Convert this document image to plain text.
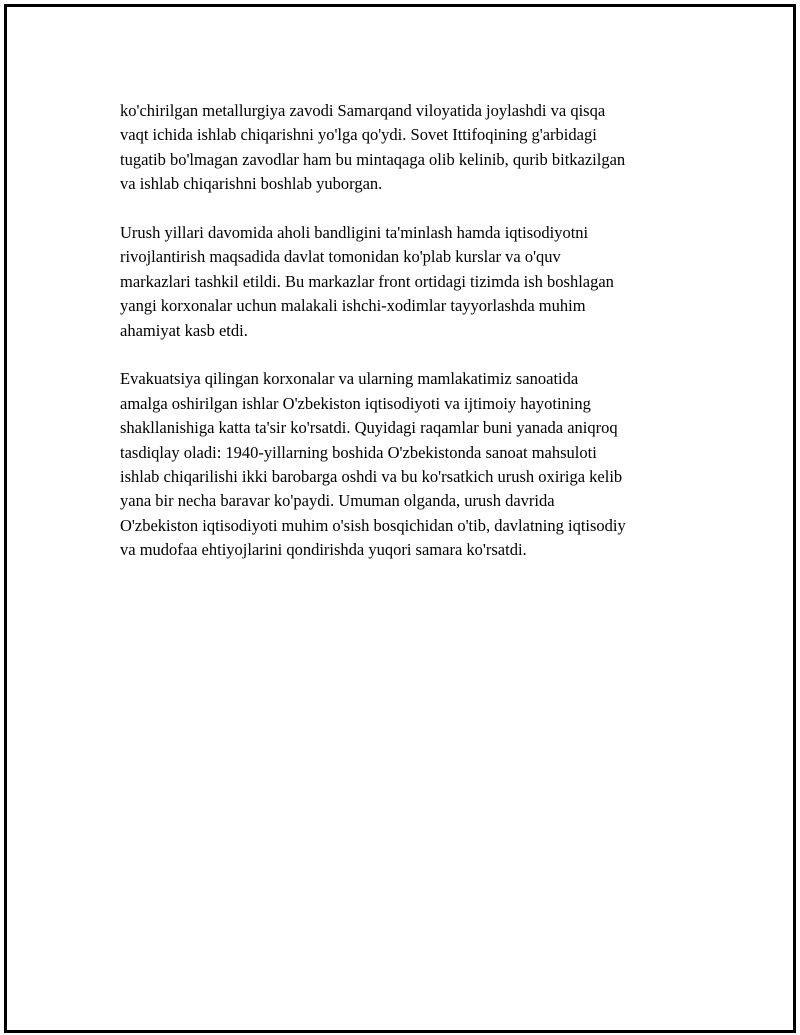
ko'chirilgan metallurgiya zavodi Samarqand viloyatida joylashdi va qisqa
vaqt ichida ishlab chiqarishni yo'lga qo'ydi. Sovet Ittifoqining g'arbidagi
tugatib bo'lmagan zavodlar ham bu mintaqaga olib kelinib, qurib bitkazilgan
va ishlab chiqarishni boshlab yuborgan.

Urush yillari davomida aholi bandligini ta'minlash hamda iqtisodiyotni
rivojlantirish maqsadida davlat tomonidan ko'plab kurslar va o'quv
markazlari tashkil etildi. Bu markazlar front ortidagi tizimda ish boshlagan
yangi korxonalar uchun malakali ishchi-xodimlar tayyorlashda muhim
ahamiyat kasb etdi.

Evakuatsiya qilingan korxonalar va ularning mamlakatimiz sanoatida
amalga oshirilgan ishlar O'zbekiston iqtisodiyoti va ijtimoiy hayotining
shakllanishiga katta ta'sir ko'rsatdi. Quyidagi raqamlar buni yanada aniqroq
tasdiqlay oladi: 1940-yillarning boshida O'zbekistonda sanoat mahsuloti
ishlab chiqarilishi ikki barobarga oshdi va bu ko'rsatkich urush oxiriga kelib
yana bir necha baravar ko'paydi. Umuman olganda, urush davrida
O'zbekiston iqtisodiyoti muhim o'sish bosqichidan o'tib, davlatning iqtisodiy
va mudofaa ehtiyojlarini qondirishda yuqori samara ko'rsatdi.
